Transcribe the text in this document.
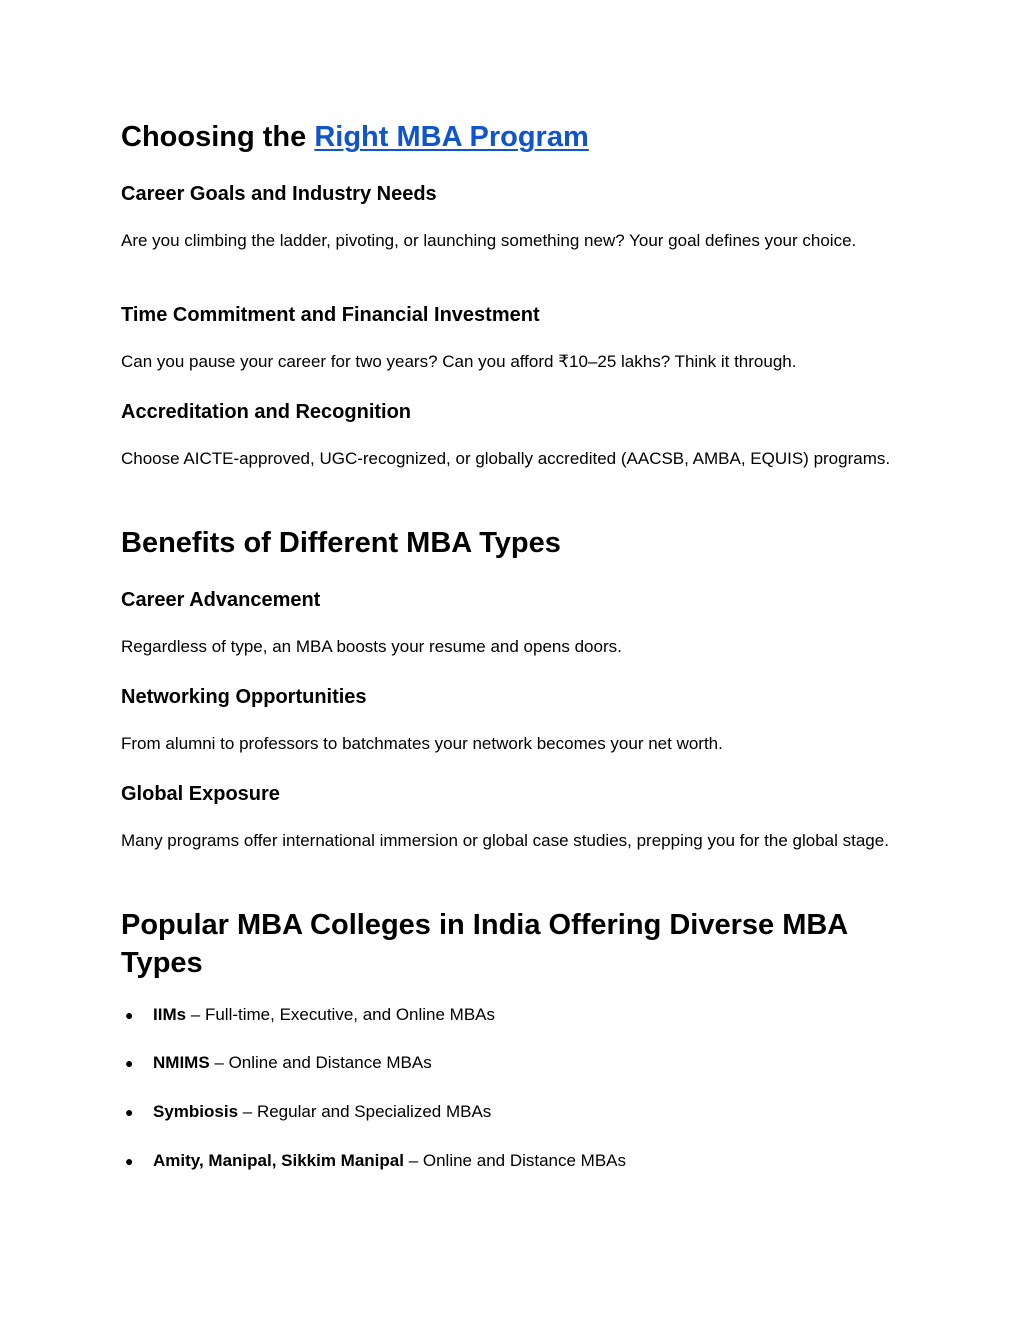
Choosing the Right MBA Program
Career Goals and Industry Needs

Are you climbing the ladder, pivoting, or launching something new? Your goal defines your choice.

Time Commitment and Financial Investment

Can you pause your career for two years? Can you afford ₹10–25 lakhs? Think it through.

Accreditation and Recognition

Choose AICTE-approved, UGC-recognized, or globally accredited (AACSB, AMBA, EQUIS) programs.

Benefits of Different MBA Types
Career Advancement

Regardless of type, an MBA boosts your resume and opens doors.

Networking Opportunities

From alumni to professors to batchmates your network becomes your net worth.

Global Exposure

Many programs offer international immersion or global case studies, prepping you for the global stage.

Popular MBA Colleges in India Offering Diverse MBA Types
● IIMs – Full-time, Executive, and Online MBAs
● NMIMS – Online and Distance MBAs
● Symbiosis – Regular and Specialized MBAs
● Amity, Manipal, Sikkim Manipal – Online and Distance MBAs
